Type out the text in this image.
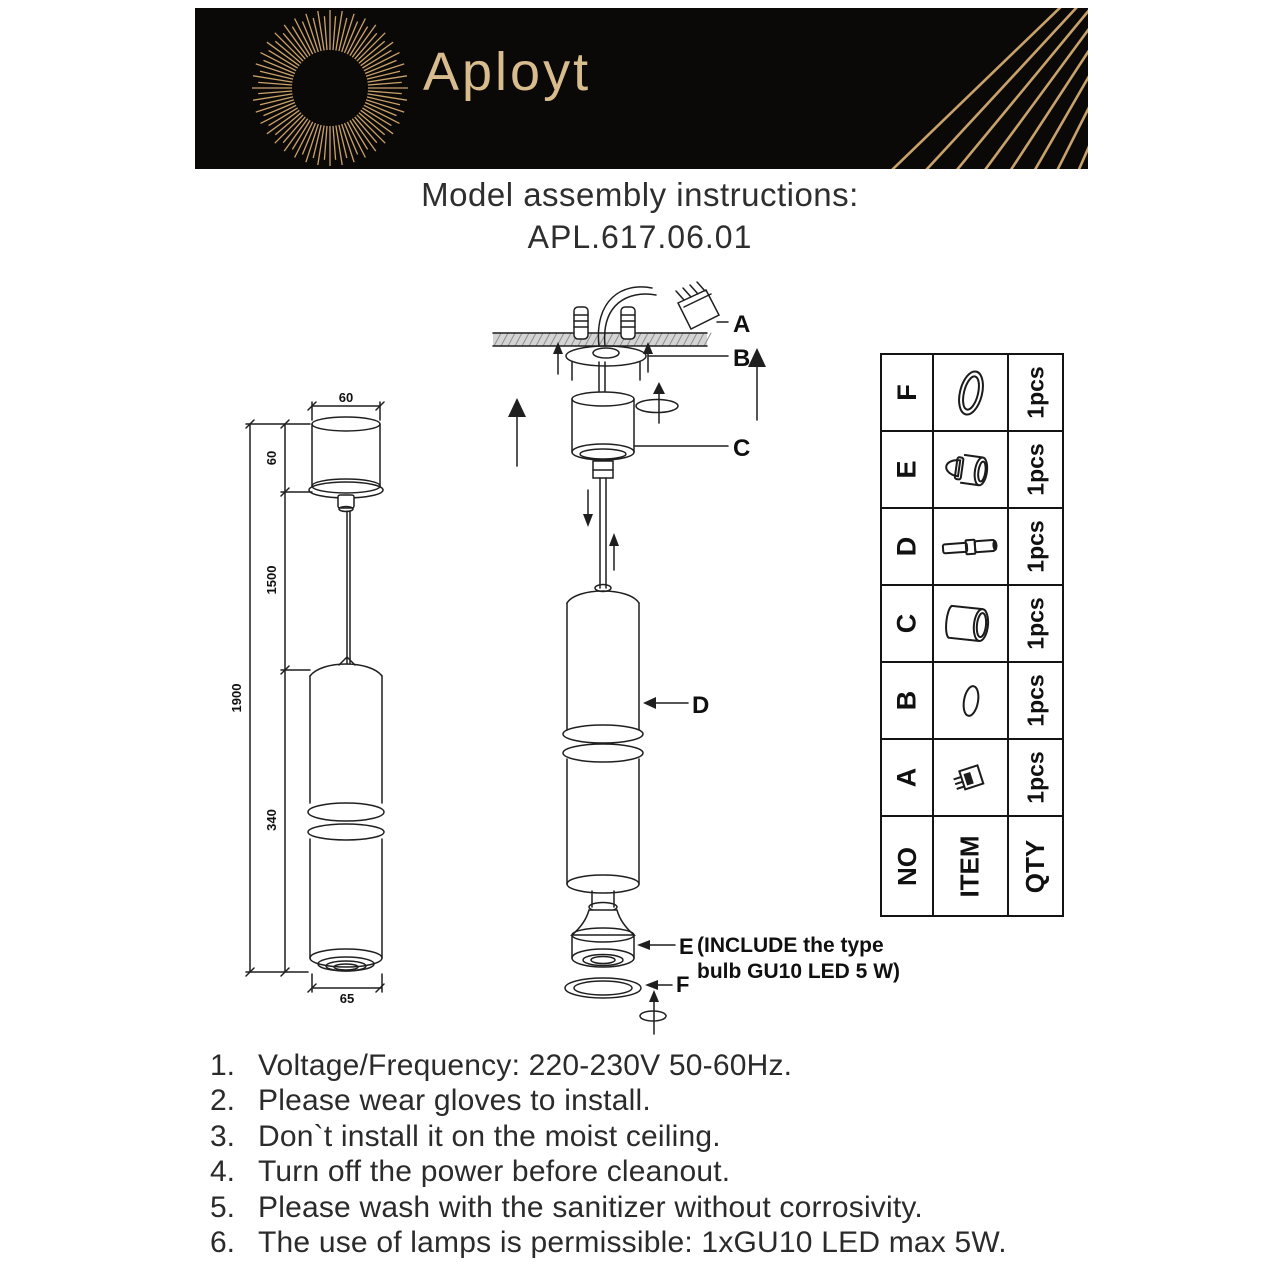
Aployt
Model assembly instructions:
APL.617.06.01
60
65
60
1500
340
1900
A
B
C
D
E
F
(INCLUDE the type
bulb GU10 LED 5 W)
F		1pcs
E		1pcs
D		1pcs
C		1pcs
B		1pcs
A		1pcs
NO	ITEM	QTY
1. Voltage/Frequency: 220-230V 50-60Hz.
2. Please wear gloves to install.
3. Don`t install it on the moist ceiling.
4. Turn off the power before cleanout.
5. Please wash with the sanitizer without corrosivity.
6. The use of lamps is permissible: 1xGU10 LED max 5W.
